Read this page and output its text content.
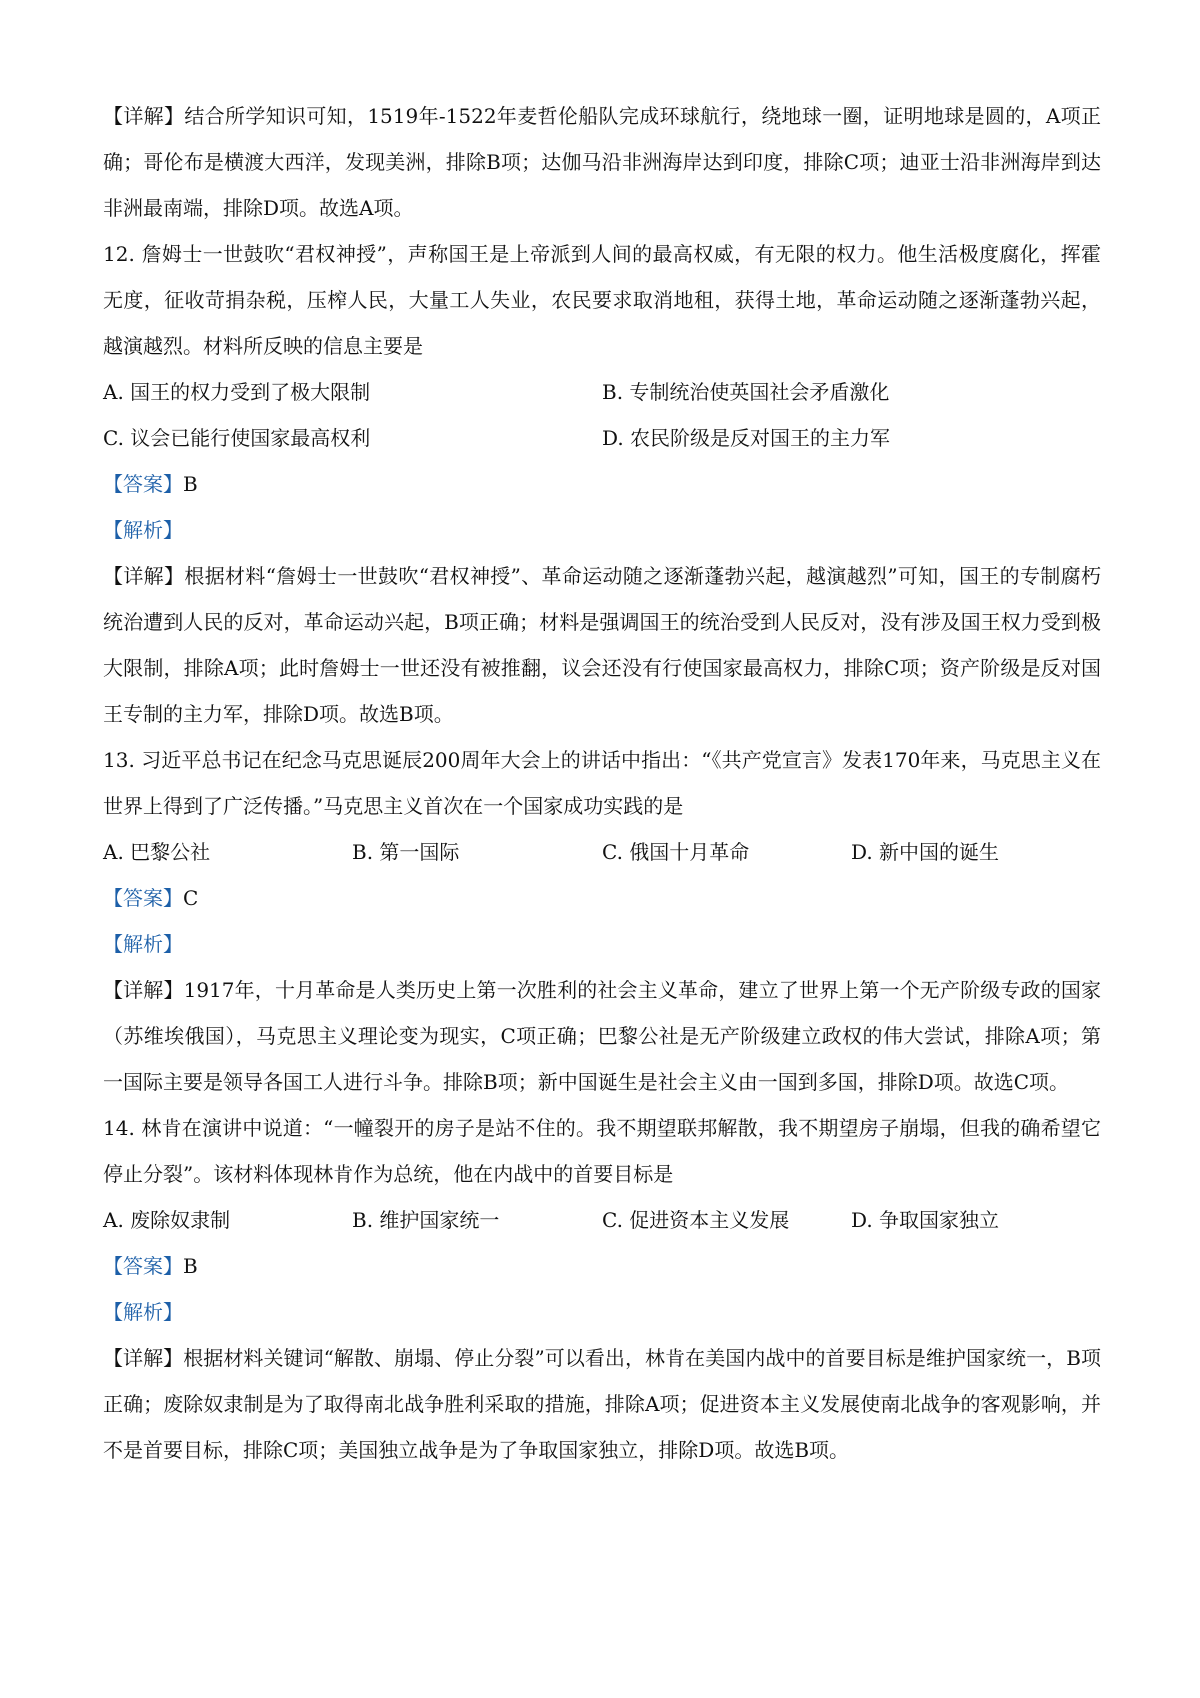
【详解】结合所学知识可知，1519年-1522年麦哲伦船队完成环球航行，绕地球一圈，证明地球是圆的，A项正确；哥伦布是横渡大西洋，发现美洲，排除B项；达伽马沿非洲海岸达到印度，排除C项；迪亚士沿非洲海岸到达非洲最南端，排除D项。故选A项。

12. 詹姆士一世鼓吹“君权神授”，声称国王是上帝派到人间的最高权威，有无限的权力。他生活极度腐化，挥霍无度，征收苛捐杂税，压榨人民，大量工人失业，农民要求取消地租，获得土地，革命运动随之逐渐蓬勃兴起，越演越烈。材料所反映的信息主要是

A. 国王的权力受到了极大限制	B. 专制统治使英国社会矛盾激化
C. 议会已能行使国家最高权利	D. 农民阶级是反对国王的主力军
【答案】B
【解析】

【详解】根据材料“詹姆士一世鼓吹“君权神授”、革命运动随之逐渐蓬勃兴起，越演越烈”可知，国王的专制腐朽统治遭到人民的反对，革命运动兴起，B项正确；材料是强调国王的统治受到人民反对，没有涉及国王权力受到极大限制，排除A项；此时詹姆士一世还没有被推翻，议会还没有行使国家最高权力，排除C项；资产阶级是反对国王专制的主力军，排除D项。故选B项。

13. 习近平总书记在纪念马克思诞辰200周年大会上的讲话中指出：“《共产党宣言》发表170年来，马克思主义在世界上得到了广泛传播。”马克思主义首次在一个国家成功实践的是

A. 巴黎公社	B. 第一国际	C. 俄国十月革命	D. 新中国的诞生
【答案】C
【解析】

【详解】1917年，十月革命是人类历史上第一次胜利的社会主义革命，建立了世界上第一个无产阶级专政的国家（苏维埃俄国），马克思主义理论变为现实，C项正确；巴黎公社是无产阶级建立政权的伟大尝试，排除A项；第一国际主要是领导各国工人进行斗争。排除B项；新中国诞生是社会主义由一国到多国，排除D项。故选C项。

14. 林肯在演讲中说道：“一幢裂开的房子是站不住的。我不期望联邦解散，我不期望房子崩塌，但我的确希望它停止分裂”。该材料体现林肯作为总统，他在内战中的首要目标是

A. 废除奴隶制	B. 维护国家统一	C. 促进资本主义发展	D. 争取国家独立
【答案】B
【解析】

【详解】根据材料关键词“解散、崩塌、停止分裂”可以看出，林肯在美国内战中的首要目标是维护国家统一，B项正确；废除奴隶制是为了取得南北战争胜利采取的措施，排除A项；促进资本主义发展使南北战争的客观影响，并不是首要目标，排除C项；美国独立战争是为了争取国家独立，排除D项。故选B项。
